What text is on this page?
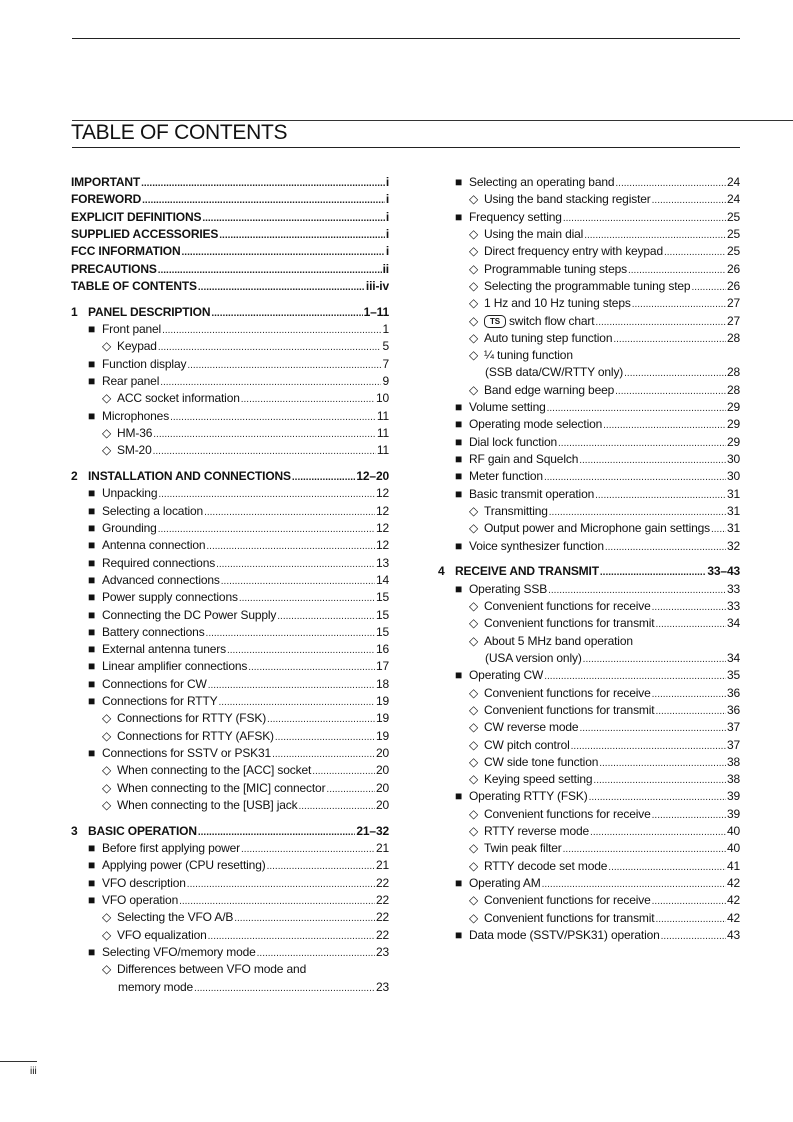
TABLE OF CONTENTS
IMPORTANT .....	i
FOREWORD .....	i
EXPLICIT DEFINITIONS .....	i
SUPPLIED ACCESSORIES .....	i
FCC INFORMATION .....	i
PRECAUTIONS .....	ii
TABLE OF CONTENTS .....	iii-iv
1 PANEL DESCRIPTION .....	1–11
■ Front panel .....	1
◇ Keypad .....	5
■ Function display .....	7
■ Rear panel .....	9
◇ ACC socket information .....	10
■ Microphones .....	11
◇ HM-36 .....	11
◇ SM-20 .....	11
2 INSTALLATION AND CONNECTIONS .....	12–20
■ Unpacking .....	12
■ Selecting a location .....	12
■ Grounding .....	12
■ Antenna connection .....	12
■ Required connections .....	13
■ Advanced connections .....	14
■ Power supply connections .....	15
■ Connecting the DC Power Supply .....	15
■ Battery connections .....	15
■ External antenna tuners .....	16
■ Linear amplifier connections .....	17
■ Connections for CW .....	18
■ Connections for RTTY .....	19
◇ Connections for RTTY (FSK) .....	19
◇ Connections for RTTY (AFSK) .....	19
■ Connections for SSTV or PSK31 .....	20
◇ When connecting to the [ACC] socket .....	20
◇ When connecting to the [MIC] connector .....	20
◇ When connecting to the [USB] jack .....	20
3 BASIC OPERATION .....	21–32
■ Before first applying power .....	21
■ Applying power (CPU resetting) .....	21
■ VFO description .....	22
■ VFO operation .....	22
◇ Selecting the VFO A/B .....	22
◇ VFO equalization .....	22
■ Selecting VFO/memory mode .....	23
◇ Differences between VFO mode and
memory mode .....	23
■ Selecting an operating band .....	24
◇ Using the band stacking register .....	24
■ Frequency setting .....	25
◇ Using the main dial .....	25
◇ Direct frequency entry with keypad .....	25
◇ Programmable tuning steps .....	26
◇ Selecting the programmable tuning step .....	26
◇ 1 Hz and 10 Hz tuning steps .....	27
◇ TS switch flow chart .....	27
◇ Auto tuning step function .....	28
◇ ¼ tuning function
(SSB data/CW/RTTY only) .....	28
◇ Band edge warning beep .....	28
■ Volume setting .....	29
■ Operating mode selection .....	29
■ Dial lock function .....	29
■ RF gain and Squelch .....	30
■ Meter function .....	30
■ Basic transmit operation .....	31
◇ Transmitting .....	31
◇ Output power and Microphone gain settings ..... 31
■ Voice synthesizer function .....	32
4 RECEIVE AND TRANSMIT .....	33–43
■ Operating SSB .....	33
◇ Convenient functions for receive .....	33
◇ Convenient functions for transmit .....	34
◇ About 5 MHz band operation
(USA version only) .....	34
■ Operating CW .....	35
◇ Convenient functions for receive .....	36
◇ Convenient functions for transmit .....	36
◇ CW reverse mode .....	37
◇ CW pitch control .....	37
◇ CW side tone function .....	38
◇ Keying speed setting .....	38
■ Operating RTTY (FSK) .....	39
◇ Convenient functions for receive .....	39
◇ RTTY reverse mode .....	40
◇ Twin peak filter .....	40
◇ RTTY decode set mode .....	41
■ Operating AM .....	42
◇ Convenient functions for receive .....	42
◇ Convenient functions for transmit .....	42
■ Data mode (SSTV/PSK31) operation .....	43
iii
